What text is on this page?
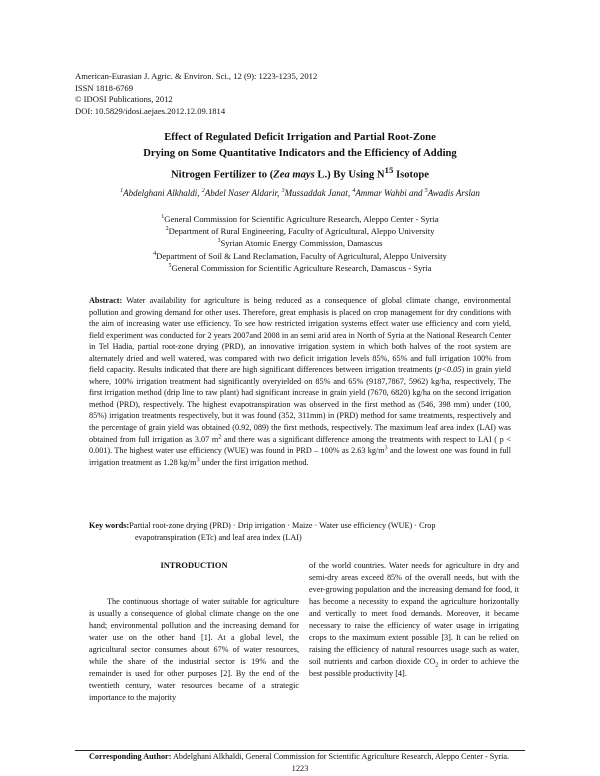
American-Eurasian J. Agric. & Environ. Sci., 12 (9): 1223-1235, 2012
ISSN 1818-6769
© IDOSI Publications, 2012
DOI: 10.5829/idosi.aejaes.2012.12.09.1814
Effect of Regulated Deficit Irrigation and Partial Root-Zone
Drying on Some Quantitative Indicators and the Efficiency of Adding
Nitrogen Fertilizer to (Zea mays L.) By Using $N^{15}$ Isotope
$^1$Abdelghani Alkhaldi, $^2$Abdel Naser Aldarir, $^3$Mussaddak Janat, $^4$Ammar Wahbi and $^5$Awadis Arslan
$^1$General Commission for Scientific Agriculture Research, Aleppo Center - Syria
$^2$Department of Rural Engineering, Faculty of Agricultural, Aleppo University
$^3$Syrian Atomic Energy Commission, Damascus
$^4$Department of Soil & Land Reclamation, Faculty of Agricultural, Aleppo University
$^5$General Commission for Scientific Agriculture Research, Damascus - Syria
Abstract: Water availability for agriculture is being reduced as a consequence of global climate change, environmental pollution and growing demand for other uses. Therefore, great emphasis is placed on crop management for dry conditions with the aim of increasing water use efficiency. To see how restricted irrigation systems effect water use efficiency and corn yield, field experiment was conducted for 2 years 2007and 2008 in an semi arid area in North of Syria at the National Research Center in Tel Hadia, partial root-zone drying (PRD), an innovative irrigation system in which both halves of the root system are alternately dried and well watered, was compared with two deficit irrigation levels 85%, 65% and full irrigation 100% from field capacity. Results indicated that there are high significant differences between irrigation treatments (p<0.05) in grain yield where, 100% irrigation treatment had significantly overyielded on 85% and 65% (9187,7867, 5962) kg/ha, respectively, The first irrigation method (drip line to raw plant) had significant increase in grain yield (7670, 6820) kg/ha on the second irrigation method (PRD), respectively. The highest evapotranspiration was observed in the first method as (546, 398 mm) under (100, 85%) irrigation treatments respectively, but it was found (352, 311mm) in (PRD) method for same treatments, respectively and the percentage of grain yield was obtained (0.92, 089) the first methods, respectively. The maximum leaf area index (LAI) was obtained from full irrigation as 3.07 $m^2$ and there was a significant difference among the treatments with respect to LAI ( p < 0.001). The highest water use efficiency (WUE) was found in PRD – 100% as 2.63 $kg/m^3$ and the lowest one was found in full irrigation treatment as 1.28 $kg/m^3$ under the first irrigation method.
Key words:Partial root-zone drying (PRD) · Drip irrigation · Maize · Water use efficiency (WUE) · Crop
evapotranspiration (ETc) and leaf area index (LAI)
INTRODUCTION

The continuous shortage of water suitable for agriculture is usually a consequence of global climate change on the one hand; environmental pollution and the increasing demand for water use on the other hand [1]. At a global level, the agricultural sector consumes about 67% of water resources, while the share of the industrial sector is 19% and the remainder is used for other purposes [2]. By the end of the twentieth century, water resources became of a strategic importance to the majority

of the world countries. Water needs for agriculture in dry and semi-dry areas exceed 85% of the overall needs, but with the ever-growing population and the increasing demand for food, it has become a necessity to expand the agriculture horizontally and vertically to meet food demands. Moreover, it became necessary to raise the efficiency of water usage in irrigating crops to the maximum extent possible [3]. It can be relied on raising the efficiency of natural resources usage such as water, soil nutrients and carbon dioxide $CO_2$ in order to achieve the best possible productivity [4].

Corresponding Author: Abdelghani Alkhaldi, General Commission for Scientific Agriculture Research, Aleppo Center - Syria.
1223
